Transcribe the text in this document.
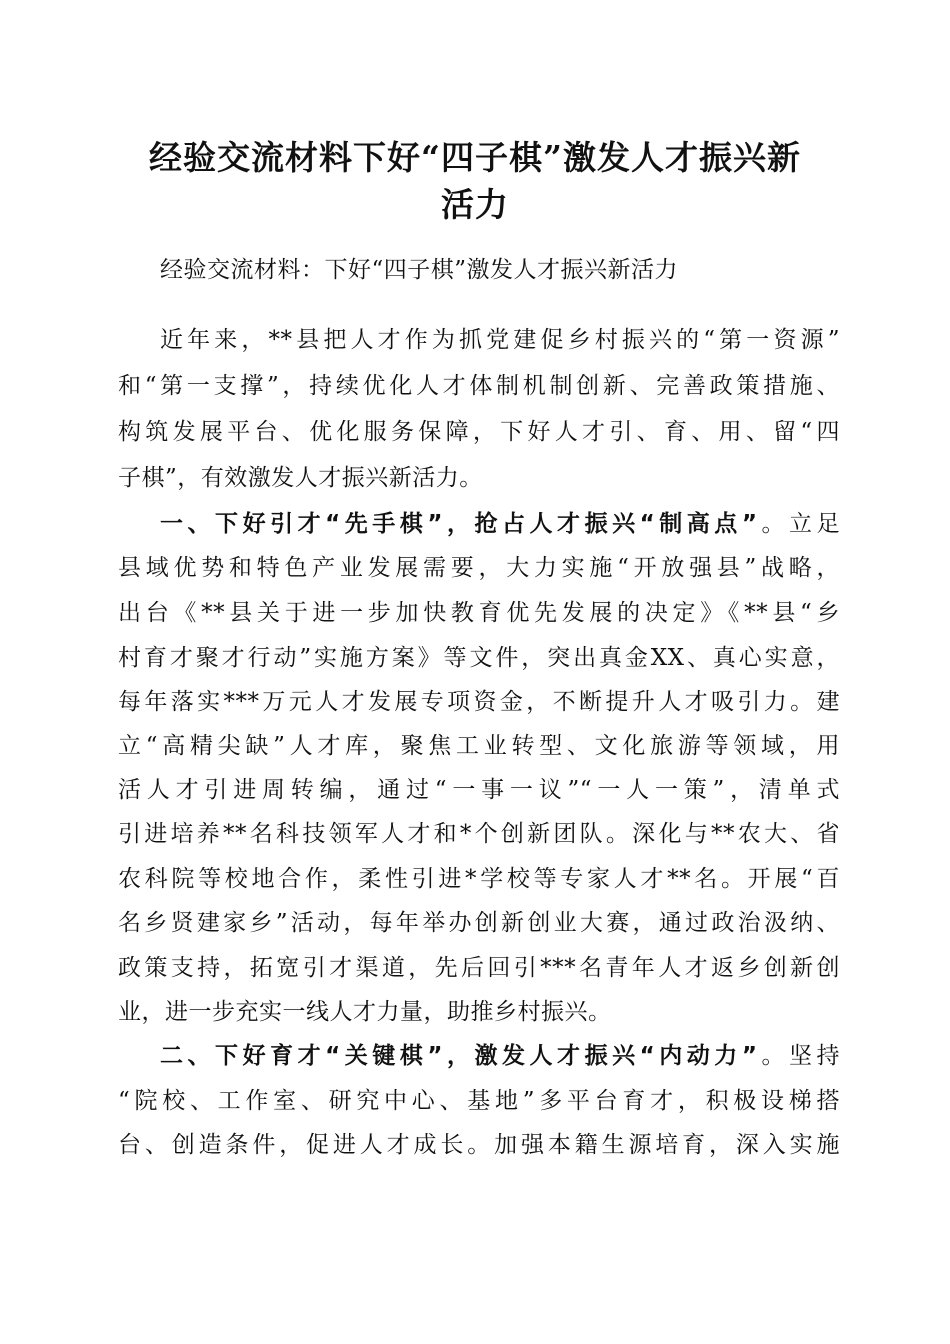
经验交流材料下好“四子棋”激发人才振兴新
活力
经验交流材料：下好“四子棋”激发人才振兴新活力
近年来，**县把人才作为抓党建促乡村振兴的“第一资源”
和“第一支撑”，持续优化人才体制机制创新、完善政策措施、
构筑发展平台、优化服务保障，下好人才引、育、用、留“四
子棋”，有效激发人才振兴新活力。
一、下好引才“先手棋”，抢占人才振兴“制高点”。立足
县域优势和特色产业发展需要，大力实施“开放强县”战略，
出台《**县关于进一步加快教育优先发展的决定》《**县“乡
村育才聚才行动”实施方案》等文件，突出真金XX、真心实意，
每年落实***万元人才发展专项资金，不断提升人才吸引力。建
立“高精尖缺”人才库，聚焦工业转型、文化旅游等领域，用
活人才引进周转编，通过“一事一议”“一人一策”，清单式
引进培养**名科技领军人才和*个创新团队。深化与**农大、省
农科院等校地合作，柔性引进*学校等专家人才**名。开展“百
名乡贤建家乡”活动，每年举办创新创业大赛，通过政治汲纳、
政策支持，拓宽引才渠道，先后回引***名青年人才返乡创新创
业，进一步充实一线人才力量，助推乡村振兴。
二、下好育才“关键棋”，激发人才振兴“内动力”。坚持
“院校、工作室、研究中心、基地”多平台育才，积极设梯搭
台、创造条件，促进人才成长。加强本籍生源培育，深入实施
